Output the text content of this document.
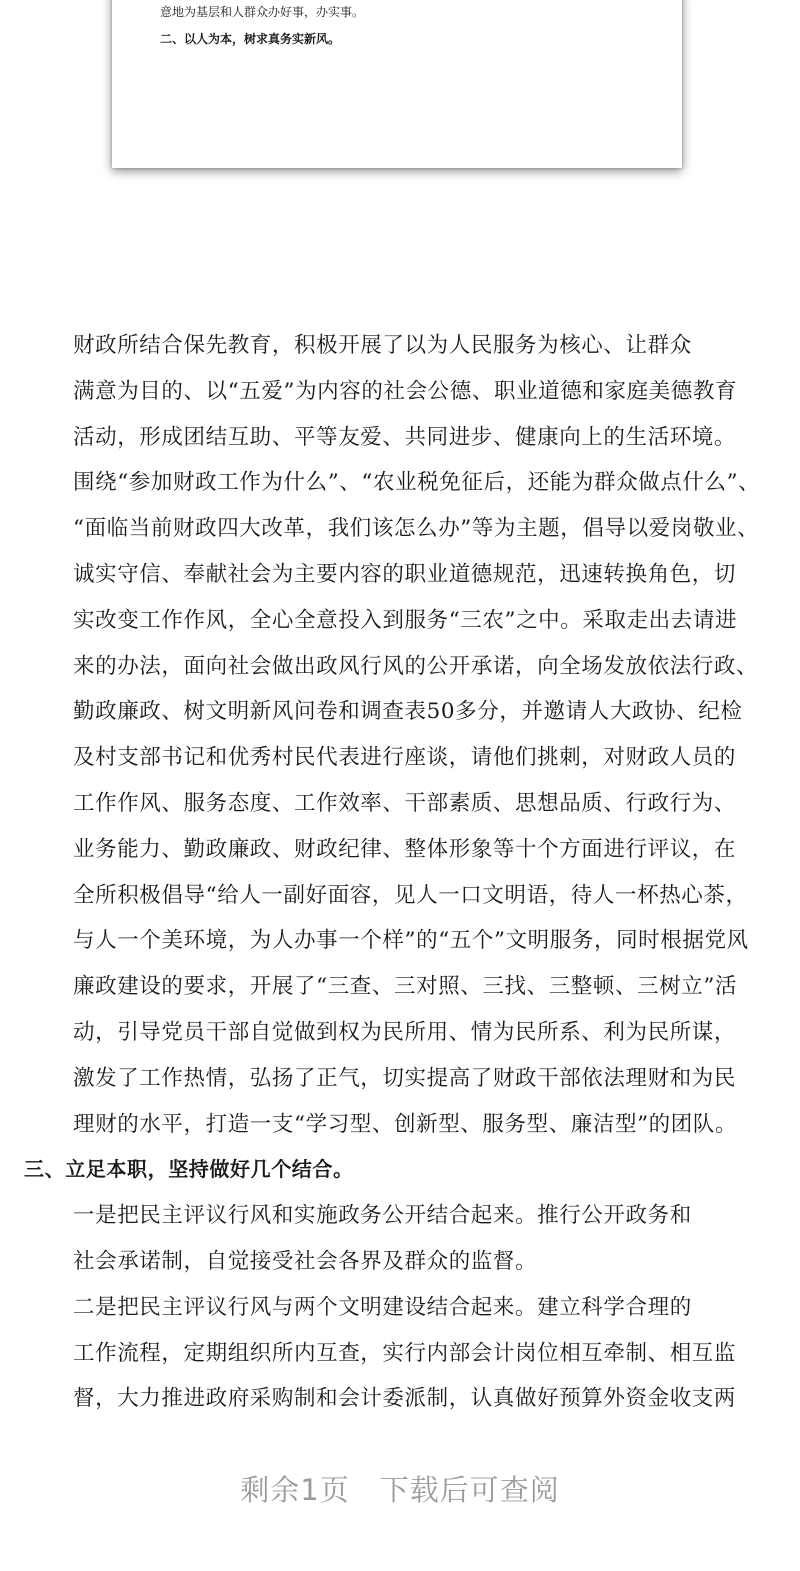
意地为基层和人群众办好事，办实事。
二、以人为本，树求真务实新风。

财政所结合保先教育，积极开展了以为人民服务为核心、让群众
满意为目的、以“五爱”为内容的社会公德、职业道德和家庭美德教育
活动，形成团结互助、平等友爱、共同进步、健康向上的生活环境。
围绕“参加财政工作为什么”、“农业税免征后，还能为群众做点什么”、
“面临当前财政四大改革，我们该怎么办”等为主题，倡导以爱岗敬业、
诚实守信、奉献社会为主要内容的职业道德规范，迅速转换角色，切
实改变工作作风，全心全意投入到服务“三农”之中。采取走出去请进
来的办法，面向社会做出政风行风的公开承诺，向全场发放依法行政、
勤政廉政、树文明新风问卷和调查表50多分，并邀请人大政协、纪检
及村支部书记和优秀村民代表进行座谈，请他们挑刺，对财政人员的
工作作风、服务态度、工作效率、干部素质、思想品质、行政行为、
业务能力、勤政廉政、财政纪律、整体形象等十个方面进行评议，在
全所积极倡导“给人一副好面容，见人一口文明语，待人一杯热心茶，
与人一个美环境，为人办事一个样”的“五个”文明服务，同时根据党风
廉政建设的要求，开展了“三查、三对照、三找、三整顿、三树立”活
动，引导党员干部自觉做到权为民所用、情为民所系、利为民所谋，
激发了工作热情，弘扬了正气，切实提高了财政干部依法理财和为民
理财的水平，打造一支“学习型、创新型、服务型、廉洁型”的团队。

三、立足本职，坚持做好几个结合。

一是把民主评议行风和实施政务公开结合起来。推行公开政务和
社会承诺制，自觉接受社会各界及群众的监督。

二是把民主评议行风与两个文明建设结合起来。建立科学合理的
工作流程，定期组织所内互查，实行内部会计岗位相互牵制、相互监
督，大力推进政府采购制和会计委派制，认真做好预算外资金收支两

剩余1页 下载后可查阅
